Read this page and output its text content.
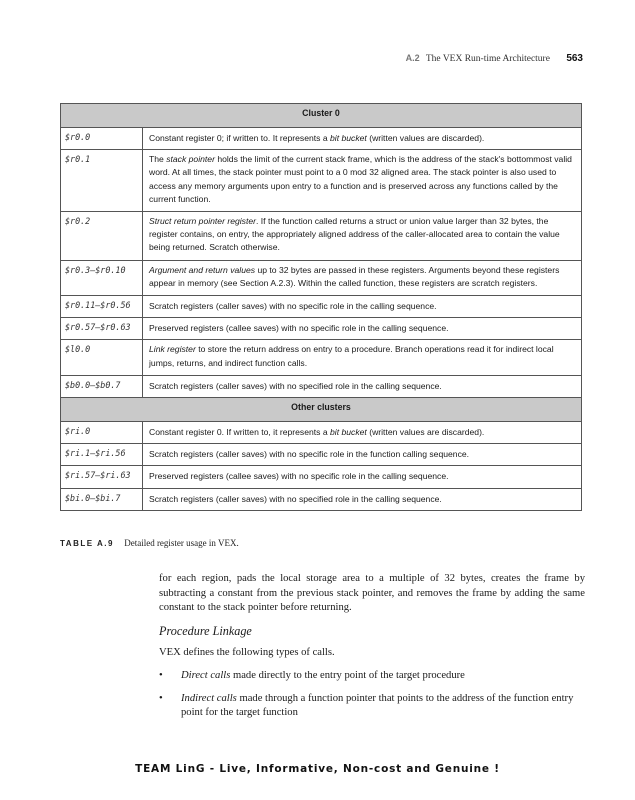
A.2 The VEX Run-time Architecture 563
Cluster 0	
$r0.0	Constant register 0; if written to. It represents a bit bucket (written values are discarded).
$r0.1	The stack pointer holds the limit of the current stack frame, which is the address of the stack's bottommost valid word. At all times, the stack pointer must point to a 0 mod 32 aligned area. The stack pointer is also used to access any memory arguments upon entry to a function and is preserved across any functions called by the current function.
$r0.2	Struct return pointer register. If the function called returns a struct or union value larger than 32 bytes, the register contains, on entry, the appropriately aligned address of the caller-allocated area to contain the value being returned. Scratch otherwise.
$r0.3–$r0.10	Argument and return values up to 32 bytes are passed in these registers. Arguments beyond these registers appear in memory (see Section A.2.3). Within the called function, these registers are scratch registers.
$r0.11–$r0.56	Scratch registers (caller saves) with no specific role in the calling sequence.
$r0.57–$r0.63	Preserved registers (callee saves) with no specific role in the calling sequence.
$l0.0	Link register to store the return address on entry to a procedure. Branch operations read it for indirect local jumps, returns, and indirect function calls.
$b0.0–$b0.7	Scratch registers (caller saves) with no specified role in the calling sequence.
Other clusters	
$ri.0	Constant register 0. If written to, it represents a bit bucket (written values are discarded).
$ri.1–$ri.56	Scratch registers (caller saves) with no specific role in the function calling sequence.
$ri.57–$ri.63	Preserved registers (callee saves) with no specific role in the calling sequence.
$bi.0–$bi.7	Scratch registers (caller saves) with no specified role in the calling sequence.
TABLE A.9 Detailed register usage in VEX.

for each region, pads the local storage area to a multiple of 32 bytes, creates the frame by subtracting a constant from the previous stack pointer, and removes the frame by adding the same constant to the stack pointer before returning.

Procedure Linkage

VEX defines the following types of calls.

• Direct calls made directly to the entry point of the target procedure
• Indirect calls made through a function pointer that points to the address of the function entry point for the target function
TEAM LinG - Live, Informative, Non-cost and Genuine !
